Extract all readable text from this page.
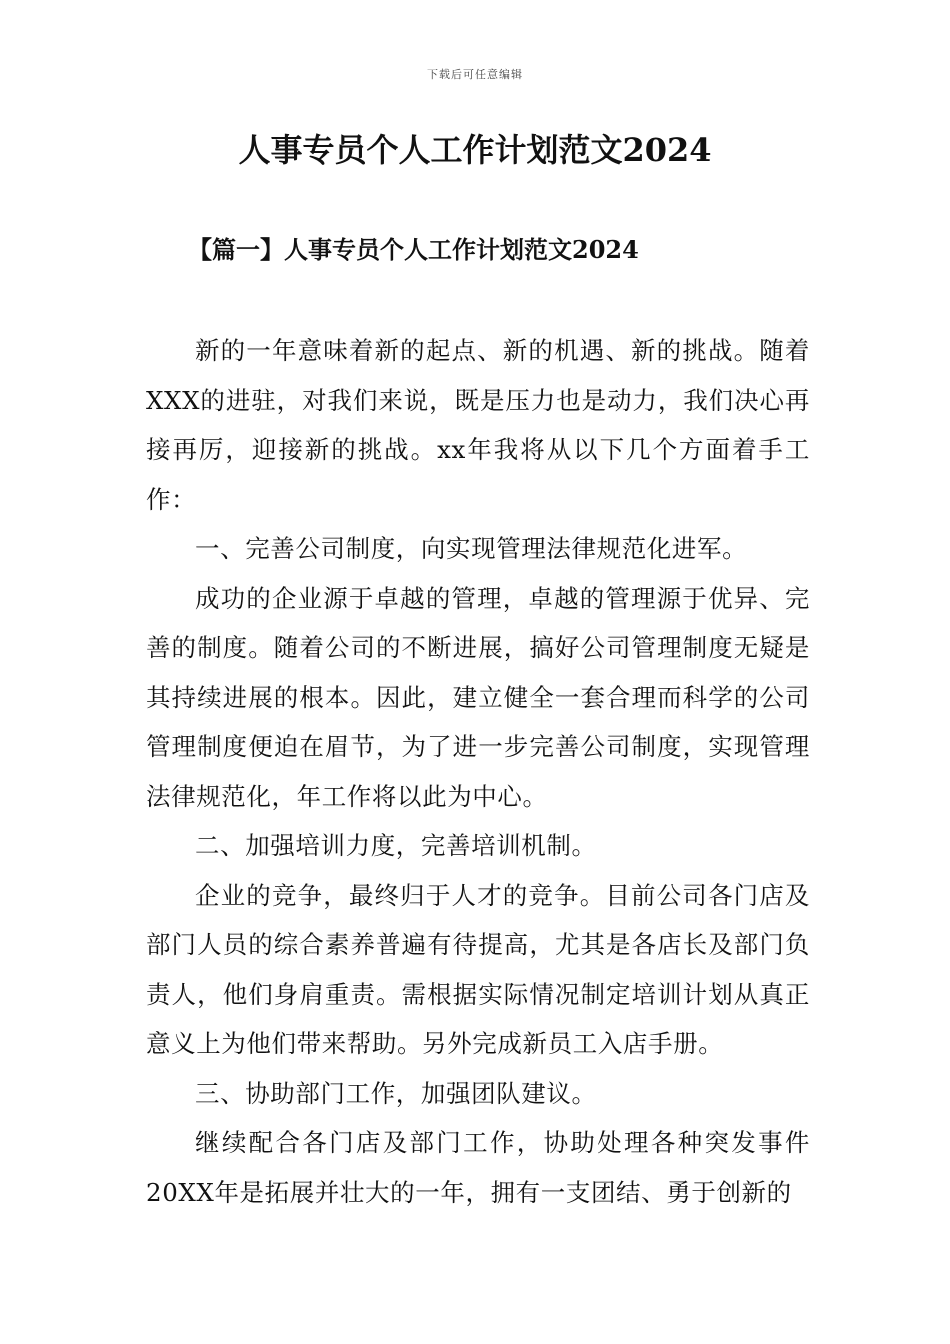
下载后可任意编辑
人事专员个人工作计划范文2024
【篇一】人事专员个人工作计划范文2024

新的一年意味着新的起点、新的机遇、新的挑战。随着XXX的进驻，对我们来说，既是压力也是动力，我们决心再接再厉，迎接新的挑战。xx年我将从以下几个方面着手工作：

一、完善公司制度，向实现管理法律规范化进军。

成功的企业源于卓越的管理，卓越的管理源于优异、完善的制度。随着公司的不断进展，搞好公司管理制度无疑是其持续进展的根本。因此，建立健全一套合理而科学的公司管理制度便迫在眉节，为了进一步完善公司制度，实现管理法律规范化，年工作将以此为中心。

二、加强培训力度，完善培训机制。

企业的竞争，最终归于人才的竞争。目前公司各门店及部门人员的综合素养普遍有待提高，尤其是各店长及部门负责人，他们身肩重责。需根据实际情况制定培训计划从真正意义上为他们带来帮助。另外完成新员工入店手册。

三、协助部门工作，加强团队建议。

继续配合各门店及部门工作，协助处理各种突发事件20XX年是拓展并壮大的一年，拥有一支团结、勇于创新的
